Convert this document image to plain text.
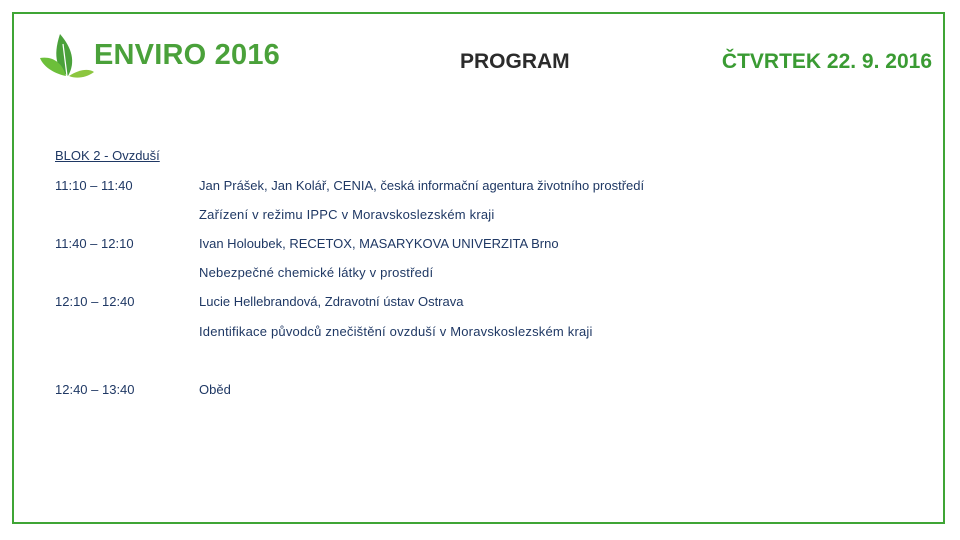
ENVIRO 2016	PROGRAM	ČTVRTEK 22. 9. 2016
BLOK 2 - Ovzduší
11:10 – 11:40	Jan Prášek, Jan Kolář, CENIA, česká informační agentura životního prostředí
Zařízení v režimu IPPC v Moravskoslezském kraji
11:40 – 12:10	Ivan Holoubek, RECETOX, MASARYKOVA UNIVERZITA Brno
Nebezpečné chemické látky v prostředí
12:10 – 12:40	Lucie Hellebrandová, Zdravotní ústav Ostrava
Identifikace původců znečištění ovzduší v Moravskoslezském kraji
12:40 – 13:40	Oběd
